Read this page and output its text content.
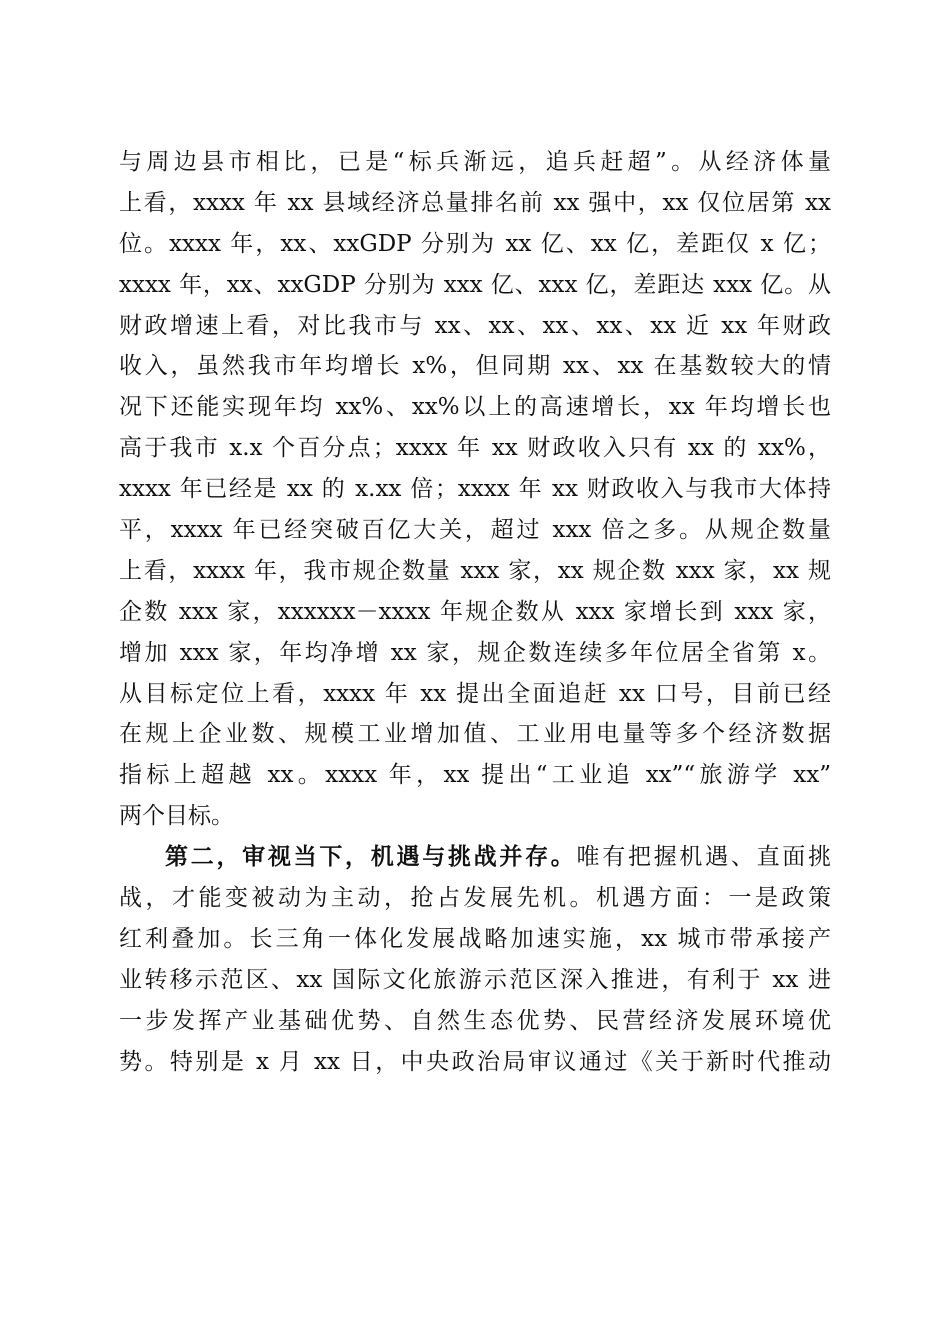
与周边县市相比，已是“标兵渐远，追兵赶超”。从经济体量
上看，xxxx 年 xx 县域经济总量排名前 xx 强中，xx 仅位居第 xx
位。xxxx 年，xx、xxGDP 分别为 xx 亿、xx 亿，差距仅 x 亿；
xxxx 年，xx、xxGDP 分别为 xxx 亿、xxx 亿，差距达 xxx 亿。从
财政增速上看，对比我市与 xx、xx、xx、xx、xx 近 xx 年财政
收入，虽然我市年均增长 x%，但同期 xx、xx 在基数较大的情
况下还能实现年均 xx%、xx%以上的高速增长，xx 年均增长也
高于我市 x.x 个百分点；xxxx 年 xx 财政收入只有 xx 的 xx%，
xxxx 年已经是 xx 的 x.xx 倍；xxxx 年 xx 财政收入与我市大体持
平，xxxx 年已经突破百亿大关，超过 xxx 倍之多。从规企数量
上看，xxxx 年，我市规企数量 xxx 家，xx 规企数 xxx 家，xx 规
企数 xxx 家，xxxxxx－xxxx 年规企数从 xxx 家增长到 xxx 家，
增加 xxx 家，年均净增 xx 家，规企数连续多年位居全省第 x。
从目标定位上看，xxxx 年 xx 提出全面追赶 xx 口号，目前已经
在规上企业数、规模工业增加值、工业用电量等多个经济数据
指标上超越 xx。xxxx 年，xx 提出“工业追 xx”“旅游学 xx”
两个目标。
第二，审视当下，机遇与挑战并存。唯有把握机遇、直面挑
战，才能变被动为主动，抢占发展先机。机遇方面：一是政策
红利叠加。长三角一体化发展战略加速实施，xx 城市带承接产
业转移示范区、xx 国际文化旅游示范区深入推进，有利于 xx 进
一步发挥产业基础优势、自然生态优势、民营经济发展环境优
势。特别是 x 月 xx 日，中央政治局审议通过《关于新时代推动
